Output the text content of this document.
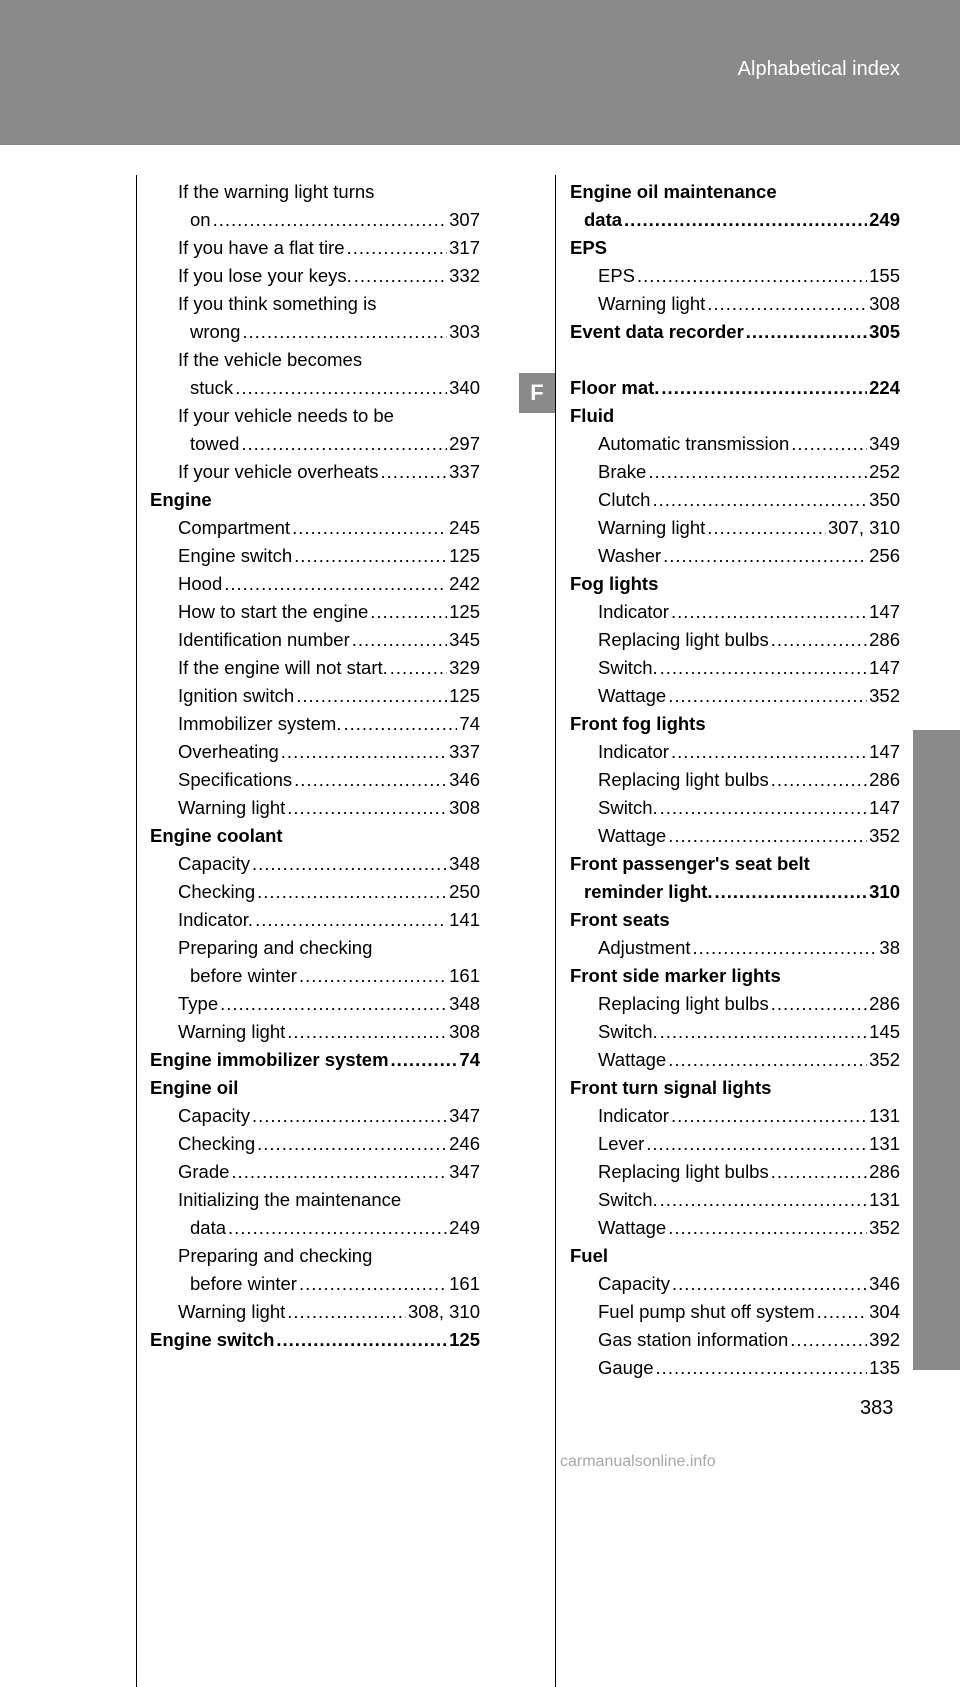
Alphabetical index
F
If the warning light turns
on .....	307
If you have a flat tire .....	317
If you lose your keys. .....	332
If you think something is
wrong .....	303
If the vehicle becomes
stuck .....	340
If your vehicle needs to be
towed .....	297
If your vehicle overheats .....	337
Engine
Compartment .....	245
Engine switch .....	125
Hood .....	242
How to start the engine .....	125
Identification number .....	345
If the engine will not start. .....	329
Ignition switch .....	125
Immobilizer system. .....	74
Overheating .....	337
Specifications .....	346
Warning light .....	308
Engine coolant
Capacity .....	348
Checking .....	250
Indicator. .....	141
Preparing and checking
before winter .....	161
Type .....	348
Warning light .....	308
Engine immobilizer system .....	74
Engine oil
Capacity .....	347
Checking .....	246
Grade .....	347
Initializing the maintenance
data .....	249
Preparing and checking
before winter .....	161
Warning light .....	308, 310
Engine switch .....	125
Engine oil maintenance
data .....	249
EPS
EPS .....	155
Warning light .....	308
Event data recorder .....	305
Floor mat. .....	224
Fluid
Automatic transmission .....	349
Brake .....	252
Clutch .....	350
Warning light .....	307, 310
Washer .....	256
Fog lights
Indicator .....	147
Replacing light bulbs .....	286
Switch. .....	147
Wattage .....	352
Front fog lights
Indicator .....	147
Replacing light bulbs .....	286
Switch. .....	147
Wattage .....	352
Front passenger's seat belt
reminder light. .....	310
Front seats
Adjustment .....	38
Front side marker lights
Replacing light bulbs .....	286
Switch. .....	145
Wattage .....	352
Front turn signal lights
Indicator .....	131
Lever .....	131
Replacing light bulbs .....	286
Switch. .....	131
Wattage .....	352
Fuel
Capacity .....	346
Fuel pump shut off system .....	304
Gas station information .....	392
Gauge .....	135
383
carmanualsonline.info
